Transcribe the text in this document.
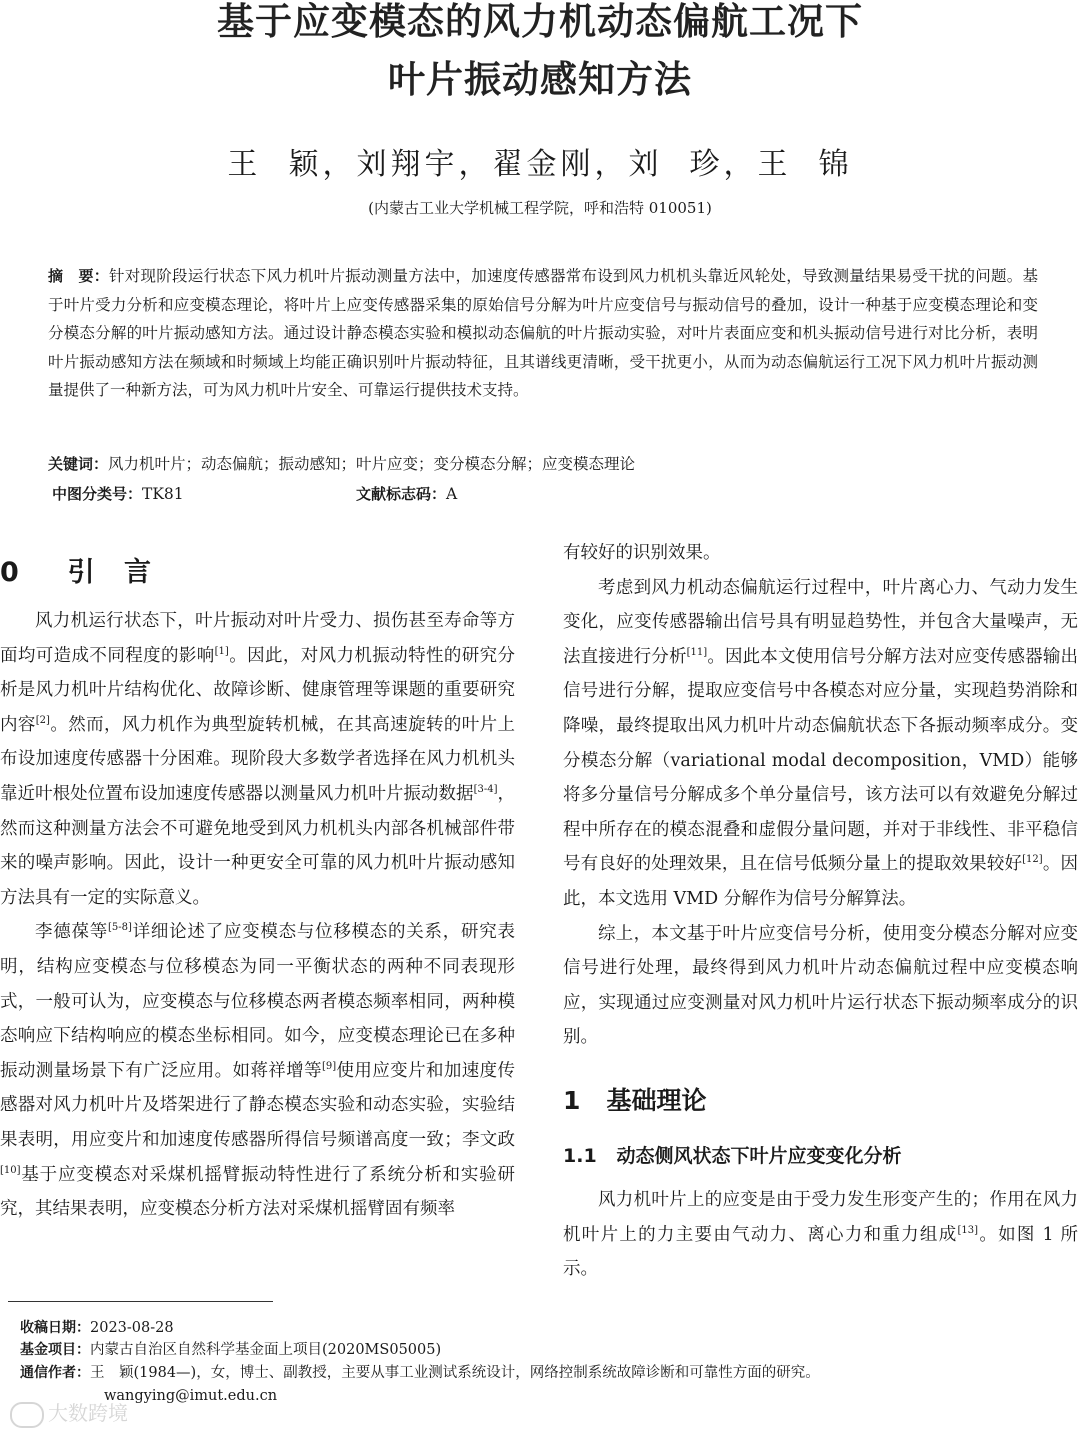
基于应变模态的风力机动态偏航工况下
叶片振动感知方法
王  颖，刘翔宇，翟金刚，刘  珍，王  锦
(内蒙古工业大学机械工程学院，呼和浩特 010051)
摘　要：针对现阶段运行状态下风力机叶片振动测量方法中，加速度传感器常布设到风力机机头靠近风轮处，导致测量结果易受干扰的问题。基于叶片受力分析和应变模态理论，将叶片上应变传感器采集的原始信号分解为叶片应变信号与振动信号的叠加，设计一种基于应变模态理论和变分模态分解的叶片振动感知方法。通过设计静态模态实验和模拟动态偏航的叶片振动实验，对叶片表面应变和机头振动信号进行对比分析，表明叶片振动感知方法在频域和时频域上均能正确识别叶片振动特征，且其谱线更清晰，受干扰更小，从而为动态偏航运行工况下风力机叶片振动测量提供了一种新方法，可为风力机叶片安全、可靠运行提供技术支持。
关键词：风力机叶片；动态偏航；振动感知；叶片应变；变分模态分解；应变模态理论
中图分类号：TK81	文献标志码：A
0 引 言

风力机运行状态下，叶片振动对叶片受力、损伤甚至寿命等方面均可造成不同程度的影响[1]。因此，对风力机振动特性的研究分析是风力机叶片结构优化、故障诊断、健康管理等课题的重要研究内容[2]。然而，风力机作为典型旋转机械，在其高速旋转的叶片上布设加速度传感器十分困难。现阶段大多数学者选择在风力机机头靠近叶根处位置布设加速度传感器以测量风力机叶片振动数据[3-4]，然而这种测量方法会不可避免地受到风力机机头内部各机械部件带来的噪声影响。因此，设计一种更安全可靠的风力机叶片振动感知方法具有一定的实际意义。

李德葆等[5-8]详细论述了应变模态与位移模态的关系，研究表明，结构应变模态与位移模态为同一平衡状态的两种不同表现形式，一般可认为，应变模态与位移模态两者模态频率相同，两种模态响应下结构响应的模态坐标相同。如今，应变模态理论已在多种振动测量场景下有广泛应用。如蒋祥增等[9]使用应变片和加速度传感器对风力机叶片及塔架进行了静态模态实验和动态实验，实验结果表明，用应变片和加速度传感器所得信号频谱高度一致；李文政[10]基于应变模态对采煤机摇臂振动特性进行了系统分析和实验研究，其结果表明，应变模态分析方法对采煤机摇臂固有频率

有较好的识别效果。

考虑到风力机动态偏航运行过程中，叶片离心力、气动力发生变化，应变传感器输出信号具有明显趋势性，并包含大量噪声，无法直接进行分析[11]。因此本文使用信号分解方法对应变传感器输出信号进行分解，提取应变信号中各模态对应分量，实现趋势消除和降噪，最终提取出风力机叶片动态偏航状态下各振动频率成分。变分模态分解（variational modal decomposition，VMD）能够将多分量信号分解成多个单分量信号，该方法可以有效避免分解过程中所存在的模态混叠和虚假分量问题，并对于非线性、非平稳信号有良好的处理效果，且在信号低频分量上的提取效果较好[12]。因此，本文选用 VMD 分解作为信号分解算法。

综上，本文基于叶片应变信号分析，使用变分模态分解对应变信号进行处理，最终得到风力机叶片动态偏航过程中应变模态响应，实现通过应变测量对风力机叶片运行状态下振动频率成分的识别。

1 基础理论
1.1 动态侧风状态下叶片应变变化分析

风力机叶片上的应变是由于受力发生形变产生的；作用在风力机叶片上的力主要由气动力、离心力和重力组成[13]。如图 1 所示。

收稿日期：2023-08-28
基金项目：内蒙古自治区自然科学基金面上项目(2020MS05005)
通信作者：王　颖(1984—)，女，博士、副教授，主要从事工业测试系统设计，网络控制系统故障诊断和可靠性方面的研究。
wangying@imut.edu.cn
大数跨境
